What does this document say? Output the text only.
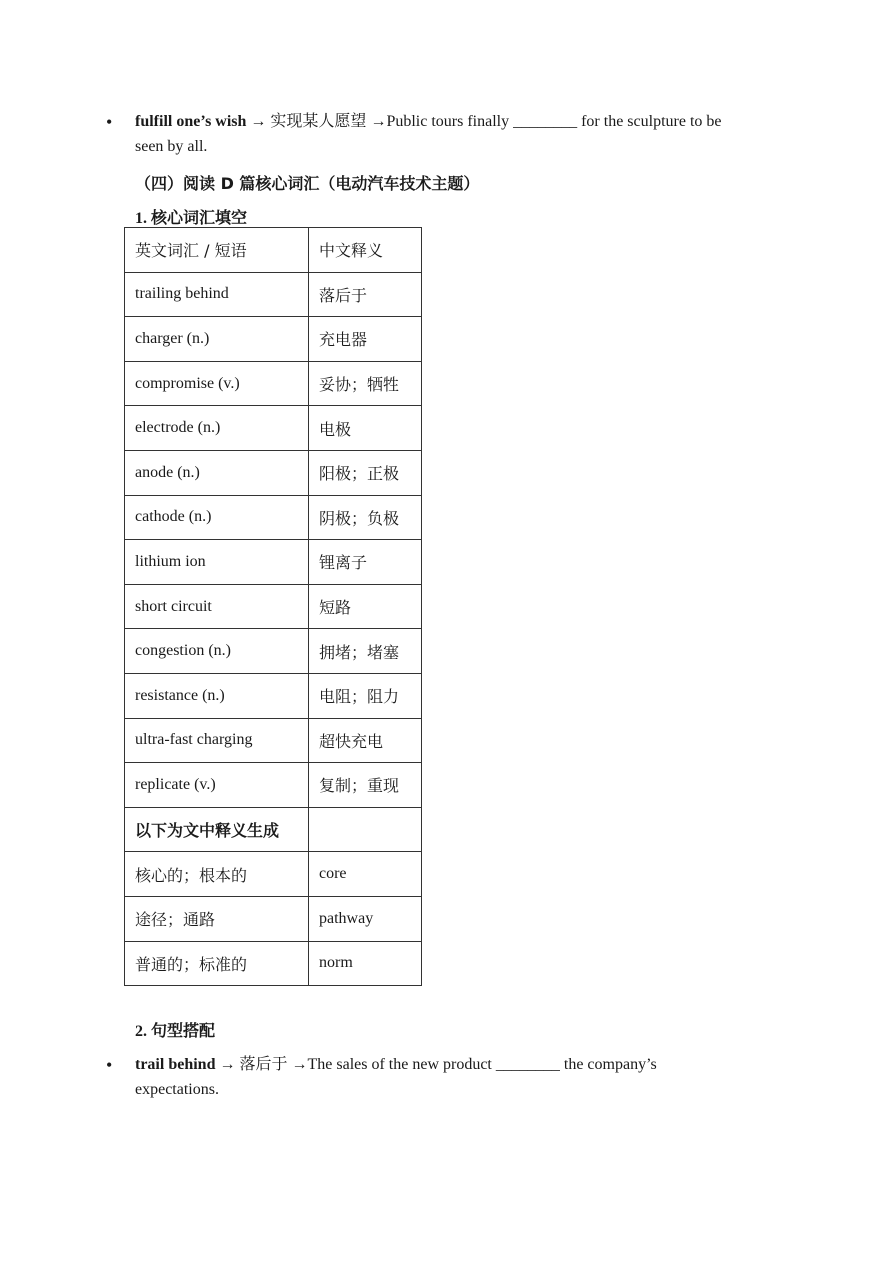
• fulfill one’s wish → 实现某人愿望 →Public tours finally ________ for the sculpture to be seen by all.
（四）阅读 D 篇核心词汇（电动汽车技术主题）
1. 核心词汇填空
英文词汇 / 短语	中文释义
trailing behind	落后于
charger (n.)	充电器
compromise (v.)	妥协；牺牲
electrode (n.)	电极
anode (n.)	阳极；正极
cathode (n.)	阴极；负极
lithium ion	锂离子
short circuit	短路
congestion (n.)	拥堵；堵塞
resistance (n.)	电阻；阻力
ultra-fast charging	超快充电
replicate (v.)	复制；重现
以下为文中释义生成	
核心的；根本的	core
途径；通路	pathway
普通的；标准的	norm
2. 句型搭配
• trail behind → 落后于 →The sales of the new product ________ the company’s expectations.
